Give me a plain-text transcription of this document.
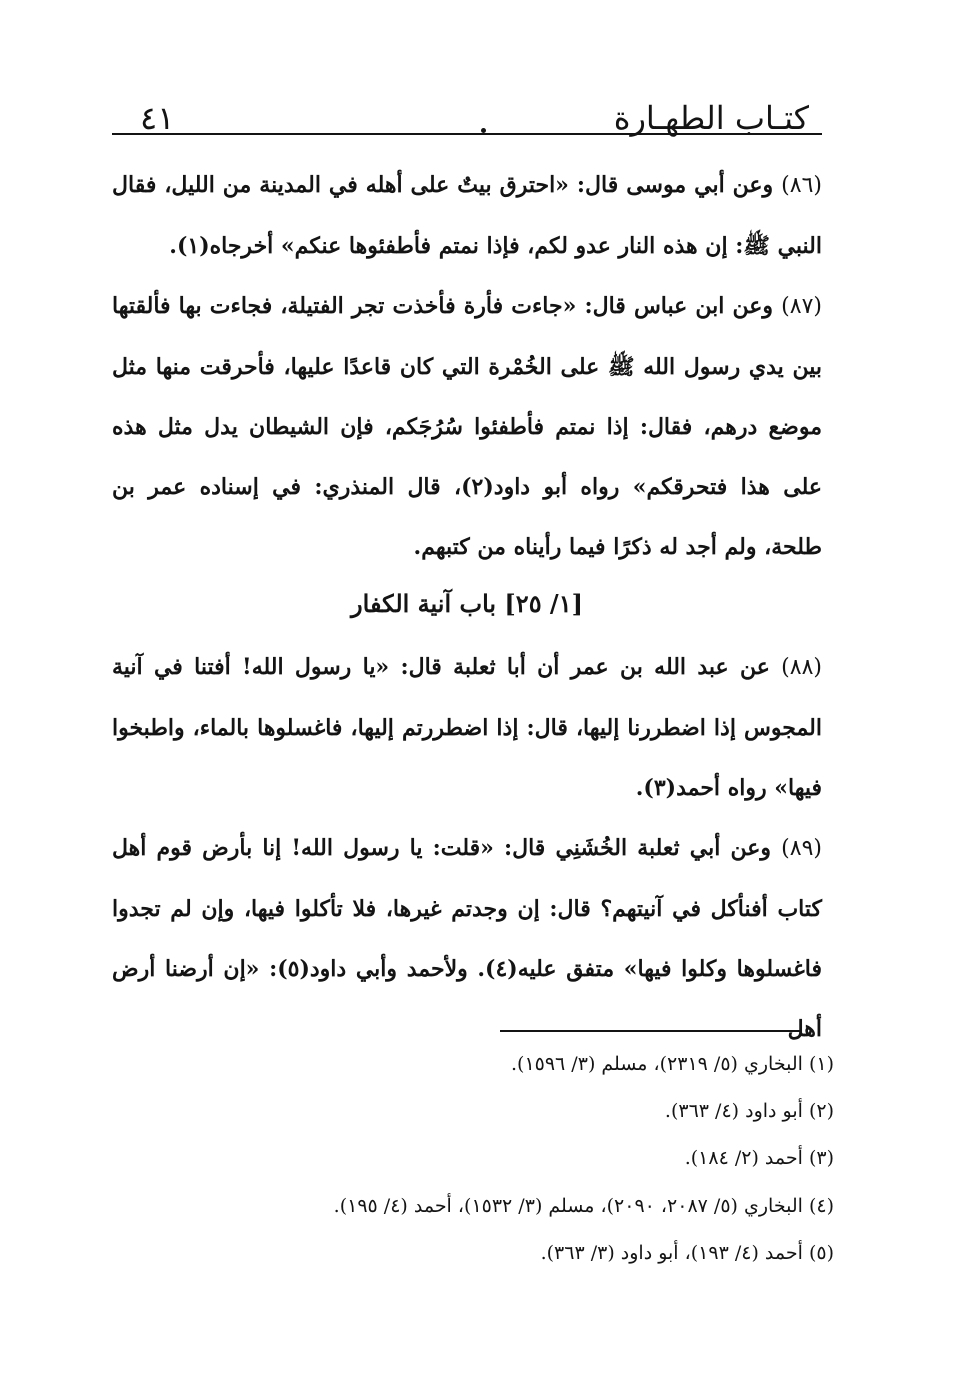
كتـاب الطهـارة
٤١
(٨٦) وعن أبي موسى قال: «احترق بيتٌ على أهله في المدينة من الليل، فقال النبي ﷺ: إن هذه النار عدو لكم، فإذا نمتم فأطفئوها عنكم» أخرجاه(١).
(٨٧) وعن ابن عباس قال: «جاءت فأرة فأخذت تجر الفتيلة، فجاءت بها فألقتها بين يدي رسول الله ﷺ على الخُمْرة التي كان قاعدًا عليها، فأحرقت منها مثل موضع درهم، فقال: إذا نمتم فأطفئوا سُرُجَكم، فإن الشيطان يدل مثل هذه على هذا فتحرقكم» رواه أبو داود(٢)، قال المنذري: في إسناده عمر بن طلحة، ولم أجد له ذكرًا فيما رأيناه من كتبهم.
[١/ ٢٥] باب آنية الكفار
(٨٨) عن عبد الله بن عمر أن أبا ثعلبة قال: «يا رسول الله! أفتنا في آنية المجوس إذا اضطررنا إليها، قال: إذا اضطررتم إليها، فاغسلوها بالماء، واطبخوا فيها» رواه أحمد(٣).
(٨٩) وعن أبي ثعلبة الخُشَنِي قال: «قلت: يا رسول الله! إنا بأرض قوم أهل كتاب أفنأكل في آنيتهم؟ قال: إن وجدتم غيرها، فلا تأكلوا فيها، وإن لم تجدوا فاغسلوها وكلوا فيها» متفق عليه(٤). ولأحمد وأبي داود(٥): «إن أرضنا أرض أهل
(١) البخاري (٥/ ٢٣١٩)، مسلم (٣/ ١٥٩٦).
(٢) أبو داود (٤/ ٣٦٣).
(٣) أحمد (٢/ ١٨٤).
(٤) البخاري (٥/ ٢٠٨٧، ٢٠٩٠)، مسلم (٣/ ١٥٣٢)، أحمد (٤/ ١٩٥).
(٥) أحمد (٤/ ١٩٣)، أبو داود (٣/ ٣٦٣).
